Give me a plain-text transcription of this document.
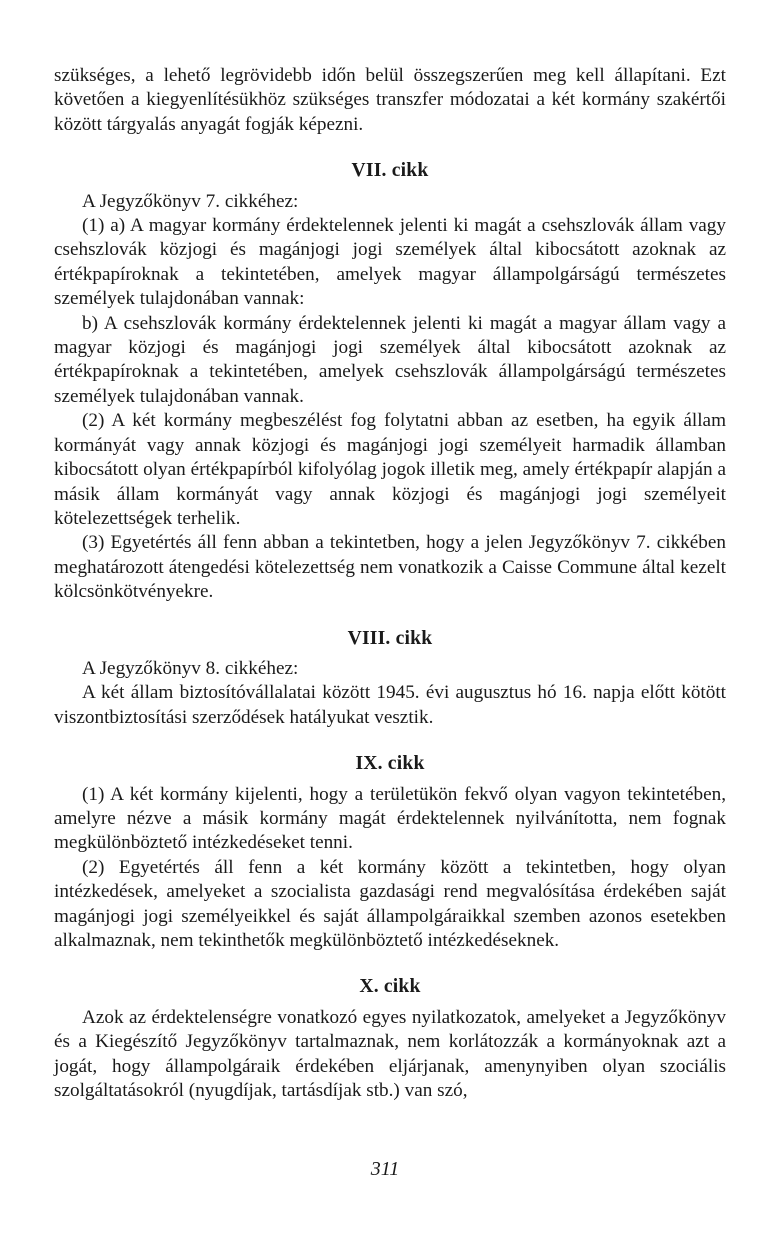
szükséges, a lehető legrövidebb időn belül összegszerűen meg kell állapítani. Ezt követően a kiegyenlítésükhöz szükséges transzfer módozatai a két kormány szakértői között tárgyalás anyagát fogják képezni.

VII. cikk

A Jegyzőkönyv 7. cikkéhez:

(1) a) A magyar kormány érdektelennek jelenti ki magát a csehszlovák állam vagy csehszlovák közjogi és magánjogi jogi személyek által kibocsátott azoknak az értékpapíroknak a tekintetében, amelyek magyar állampolgárságú természetes személyek tulajdonában vannak:

b) A csehszlovák kormány érdektelennek jelenti ki magát a magyar állam vagy a magyar közjogi és magánjogi jogi személyek által kibocsátott azoknak az értékpapíroknak a tekintetében, amelyek csehszlovák állampolgárságú természetes személyek tulajdonában vannak.

(2) A két kormány megbeszélést fog folytatni abban az esetben, ha egyik állam kormányát vagy annak közjogi és magánjogi jogi személyeit harmadik államban kibocsátott olyan értékpapírból kifolyólag jogok illetik meg, amely értékpapír alapján a másik állam kormányát vagy annak közjogi és magánjogi jogi személyeit kötelezettségek terhelik.

(3) Egyetértés áll fenn abban a tekintetben, hogy a jelen Jegyzőkönyv 7. cikkében meghatározott átengedési kötelezettség nem vonatkozik a Caisse Commune által kezelt kölcsönkötvényekre.

VIII. cikk

A Jegyzőkönyv 8. cikkéhez:

A két állam biztosítóvállalatai között 1945. évi augusztus hó 16. napja előtt kötött viszontbiztosítási szerződések hatályukat vesztik.

IX. cikk

(1) A két kormány kijelenti, hogy a területükön fekvő olyan vagyon tekintetében, amelyre nézve a másik kormány magát érdektelennek nyilvánította, nem fognak megkülönböztető intézkedéseket tenni.

(2) Egyetértés áll fenn a két kormány között a tekintetben, hogy olyan intézkedések, amelyeket a szocialista gazdasági rend megvalósítása érdekében saját magánjogi jogi személyeikkel és saját állampolgáraikkal szemben azonos esetekben alkalmaznak, nem tekinthetők megkülönböztető intézkedéseknek.

X. cikk

Azok az érdektelenségre vonatkozó egyes nyilatkozatok, amelyeket a Jegyzőkönyv és a Kiegészítő Jegyzőkönyv tartalmaznak, nem korlátozzák a kormányoknak azt a jogát, hogy állampolgáraik érdekében eljárjanak, amenynyiben olyan szociális szolgáltatásokról (nyugdíjak, tartásdíjak stb.) van szó,

311
